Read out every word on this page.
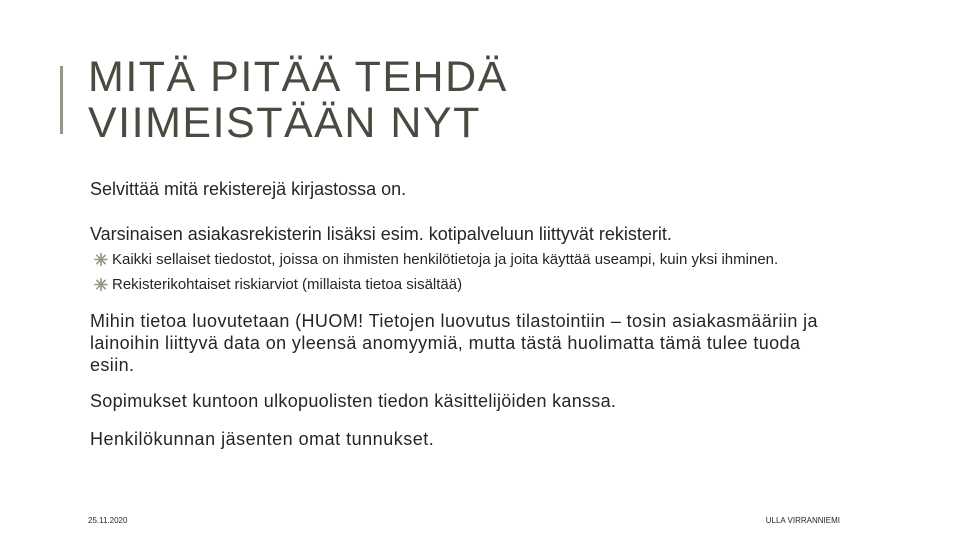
MITÄ PITÄÄ TEHDÄ
VIIMEISTÄÄN NYT

Selvittää mitä rekisterejä kirjastossa on.

Varsinaisen asiakasrekisterin lisäksi esim. kotipalveluun liittyvät rekisterit.

Kaikki sellaiset tiedostot, joissa on ihmisten henkilötietoja ja joita käyttää useampi, kuin yksi ihminen.
Rekisterikohtaiset riskiarviot (millaista tietoa sisältää)

Mihin tietoa luovutetaan (HUOM! Tietojen luovutus tilastointiin – tosin asiakasmääriin ja lainoihin liittyvä data on yleensä anomyymiä, mutta tästä huolimatta tämä tulee tuoda esiin.

Sopimukset kuntoon ulkopuolisten tiedon käsittelijöiden kanssa.

Henkilökunnan jäsenten omat tunnukset.

25.11.2020	ULLA VIRRANNIEMI
